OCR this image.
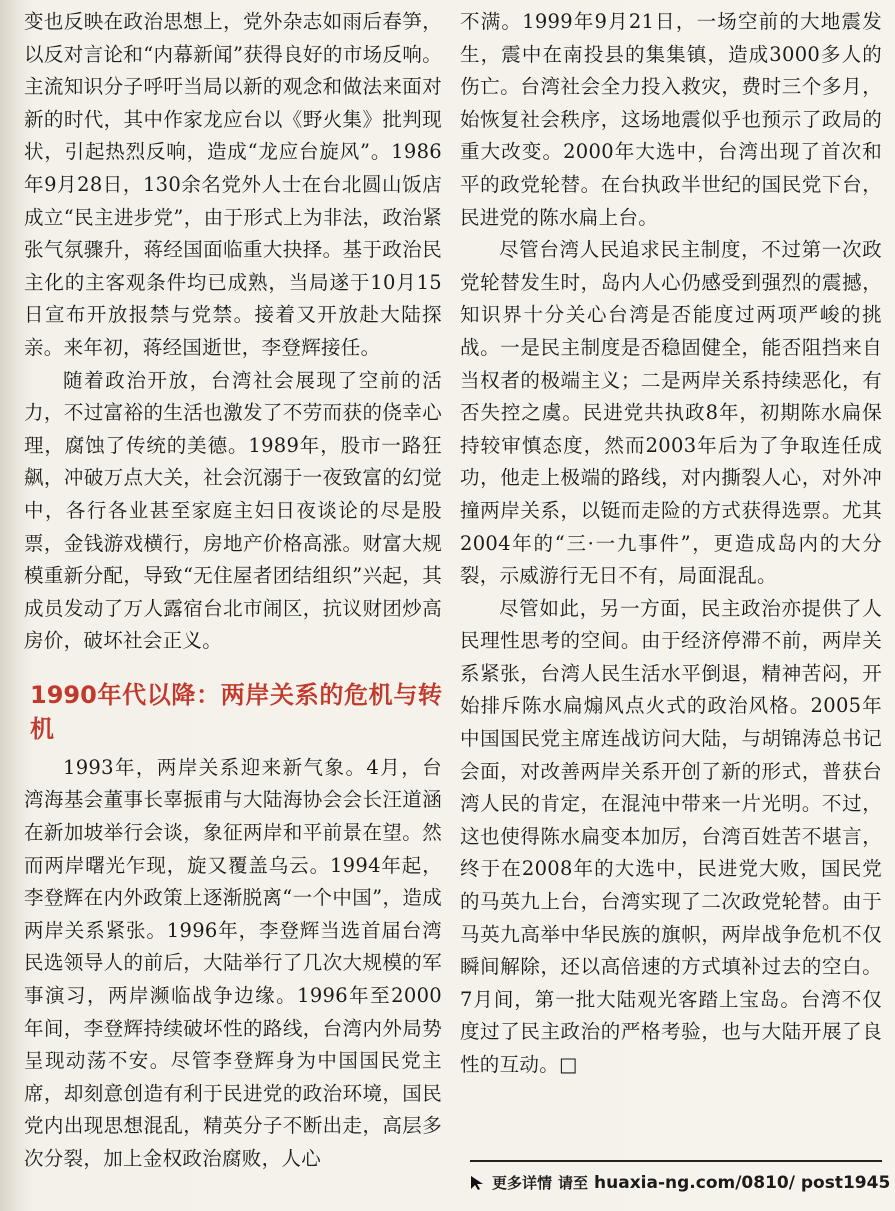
变也反映在政治思想上，党外杂志如雨后春笋，以反对言论和“内幕新闻”获得良好的市场反响。主流知识分子呼吁当局以新的观念和做法来面对新的时代，其中作家龙应台以《野火集》批判现状，引起热烈反响，造成“龙应台旋风”。1986年9月28日，130余名党外人士在台北圆山饭店成立“民主进步党”，由于形式上为非法，政治紧张气氛骤升，蒋经国面临重大抉择。基于政治民主化的主客观条件均已成熟，当局遂于10月15日宣布开放报禁与党禁。接着又开放赴大陆探亲。来年初，蒋经国逝世，李登辉接任。

随着政治开放，台湾社会展现了空前的活力，不过富裕的生活也激发了不劳而获的侥幸心理，腐蚀了传统的美德。1989年，股市一路狂飙，冲破万点大关，社会沉溺于一夜致富的幻觉中，各行各业甚至家庭主妇日夜谈论的尽是股票，金钱游戏横行，房地产价格高涨。财富大规模重新分配，导致“无住屋者团结组织”兴起，其成员发动了万人露宿台北市闹区，抗议财团炒高房价，破坏社会正义。

1990年代以降：两岸关系的危机与转机

1993年，两岸关系迎来新气象。4月，台湾海基会董事长辜振甫与大陆海协会会长汪道涵在新加坡举行会谈，象征两岸和平前景在望。然而两岸曙光乍现，旋又覆盖乌云。1994年起，李登辉在内外政策上逐渐脱离“一个中国”，造成两岸关系紧张。1996年，李登辉当选首届台湾民选领导人的前后，大陆举行了几次大规模的军事演习，两岸濒临战争边缘。1996年至2000年间，李登辉持续破坏性的路线，台湾内外局势呈现动荡不安。尽管李登辉身为中国国民党主席，却刻意创造有利于民进党的政治环境，国民党内出现思想混乱，精英分子不断出走，高层多次分裂，加上金权政治腐败，人心

不满。1999年9月21日，一场空前的大地震发生，震中在南投县的集集镇，造成3000多人的伤亡。台湾社会全力投入救灾，费时三个多月，始恢复社会秩序，这场地震似乎也预示了政局的重大改变。2000年大选中，台湾出现了首次和平的政党轮替。在台执政半世纪的国民党下台，民进党的陈水扁上台。

尽管台湾人民追求民主制度，不过第一次政党轮替发生时，岛内人心仍感受到强烈的震撼，知识界十分关心台湾是否能度过两项严峻的挑战。一是民主制度是否稳固健全，能否阻挡来自当权者的极端主义；二是两岸关系持续恶化，有否失控之虞。民进党共执政8年，初期陈水扁保持较审慎态度，然而2003年后为了争取连任成功，他走上极端的路线，对内撕裂人心，对外冲撞两岸关系，以铤而走险的方式获得选票。尤其2004年的“三·一九事件”，更造成岛内的大分裂，示威游行无日不有，局面混乱。

尽管如此，另一方面，民主政治亦提供了人民理性思考的空间。由于经济停滞不前，两岸关系紧张，台湾人民生活水平倒退，精神苦闷，开始排斥陈水扁煽风点火式的政治风格。2005年中国国民党主席连战访问大陆，与胡锦涛总书记会面，对改善两岸关系开创了新的形式，普获台湾人民的肯定，在混沌中带来一片光明。不过，这也使得陈水扁变本加厉，台湾百姓苦不堪言，终于在2008年的大选中，民进党大败，国民党的马英九上台，台湾实现了二次政党轮替。由于马英九高举中华民族的旗帜，两岸战争危机不仅瞬间解除，还以高倍速的方式填补过去的空白。7月间，第一批大陆观光客踏上宝岛。台湾不仅度过了民主政治的严格考验，也与大陆开展了良性的互动。□

更多详情 请至 huaxia-ng.com/0810/ post1945
